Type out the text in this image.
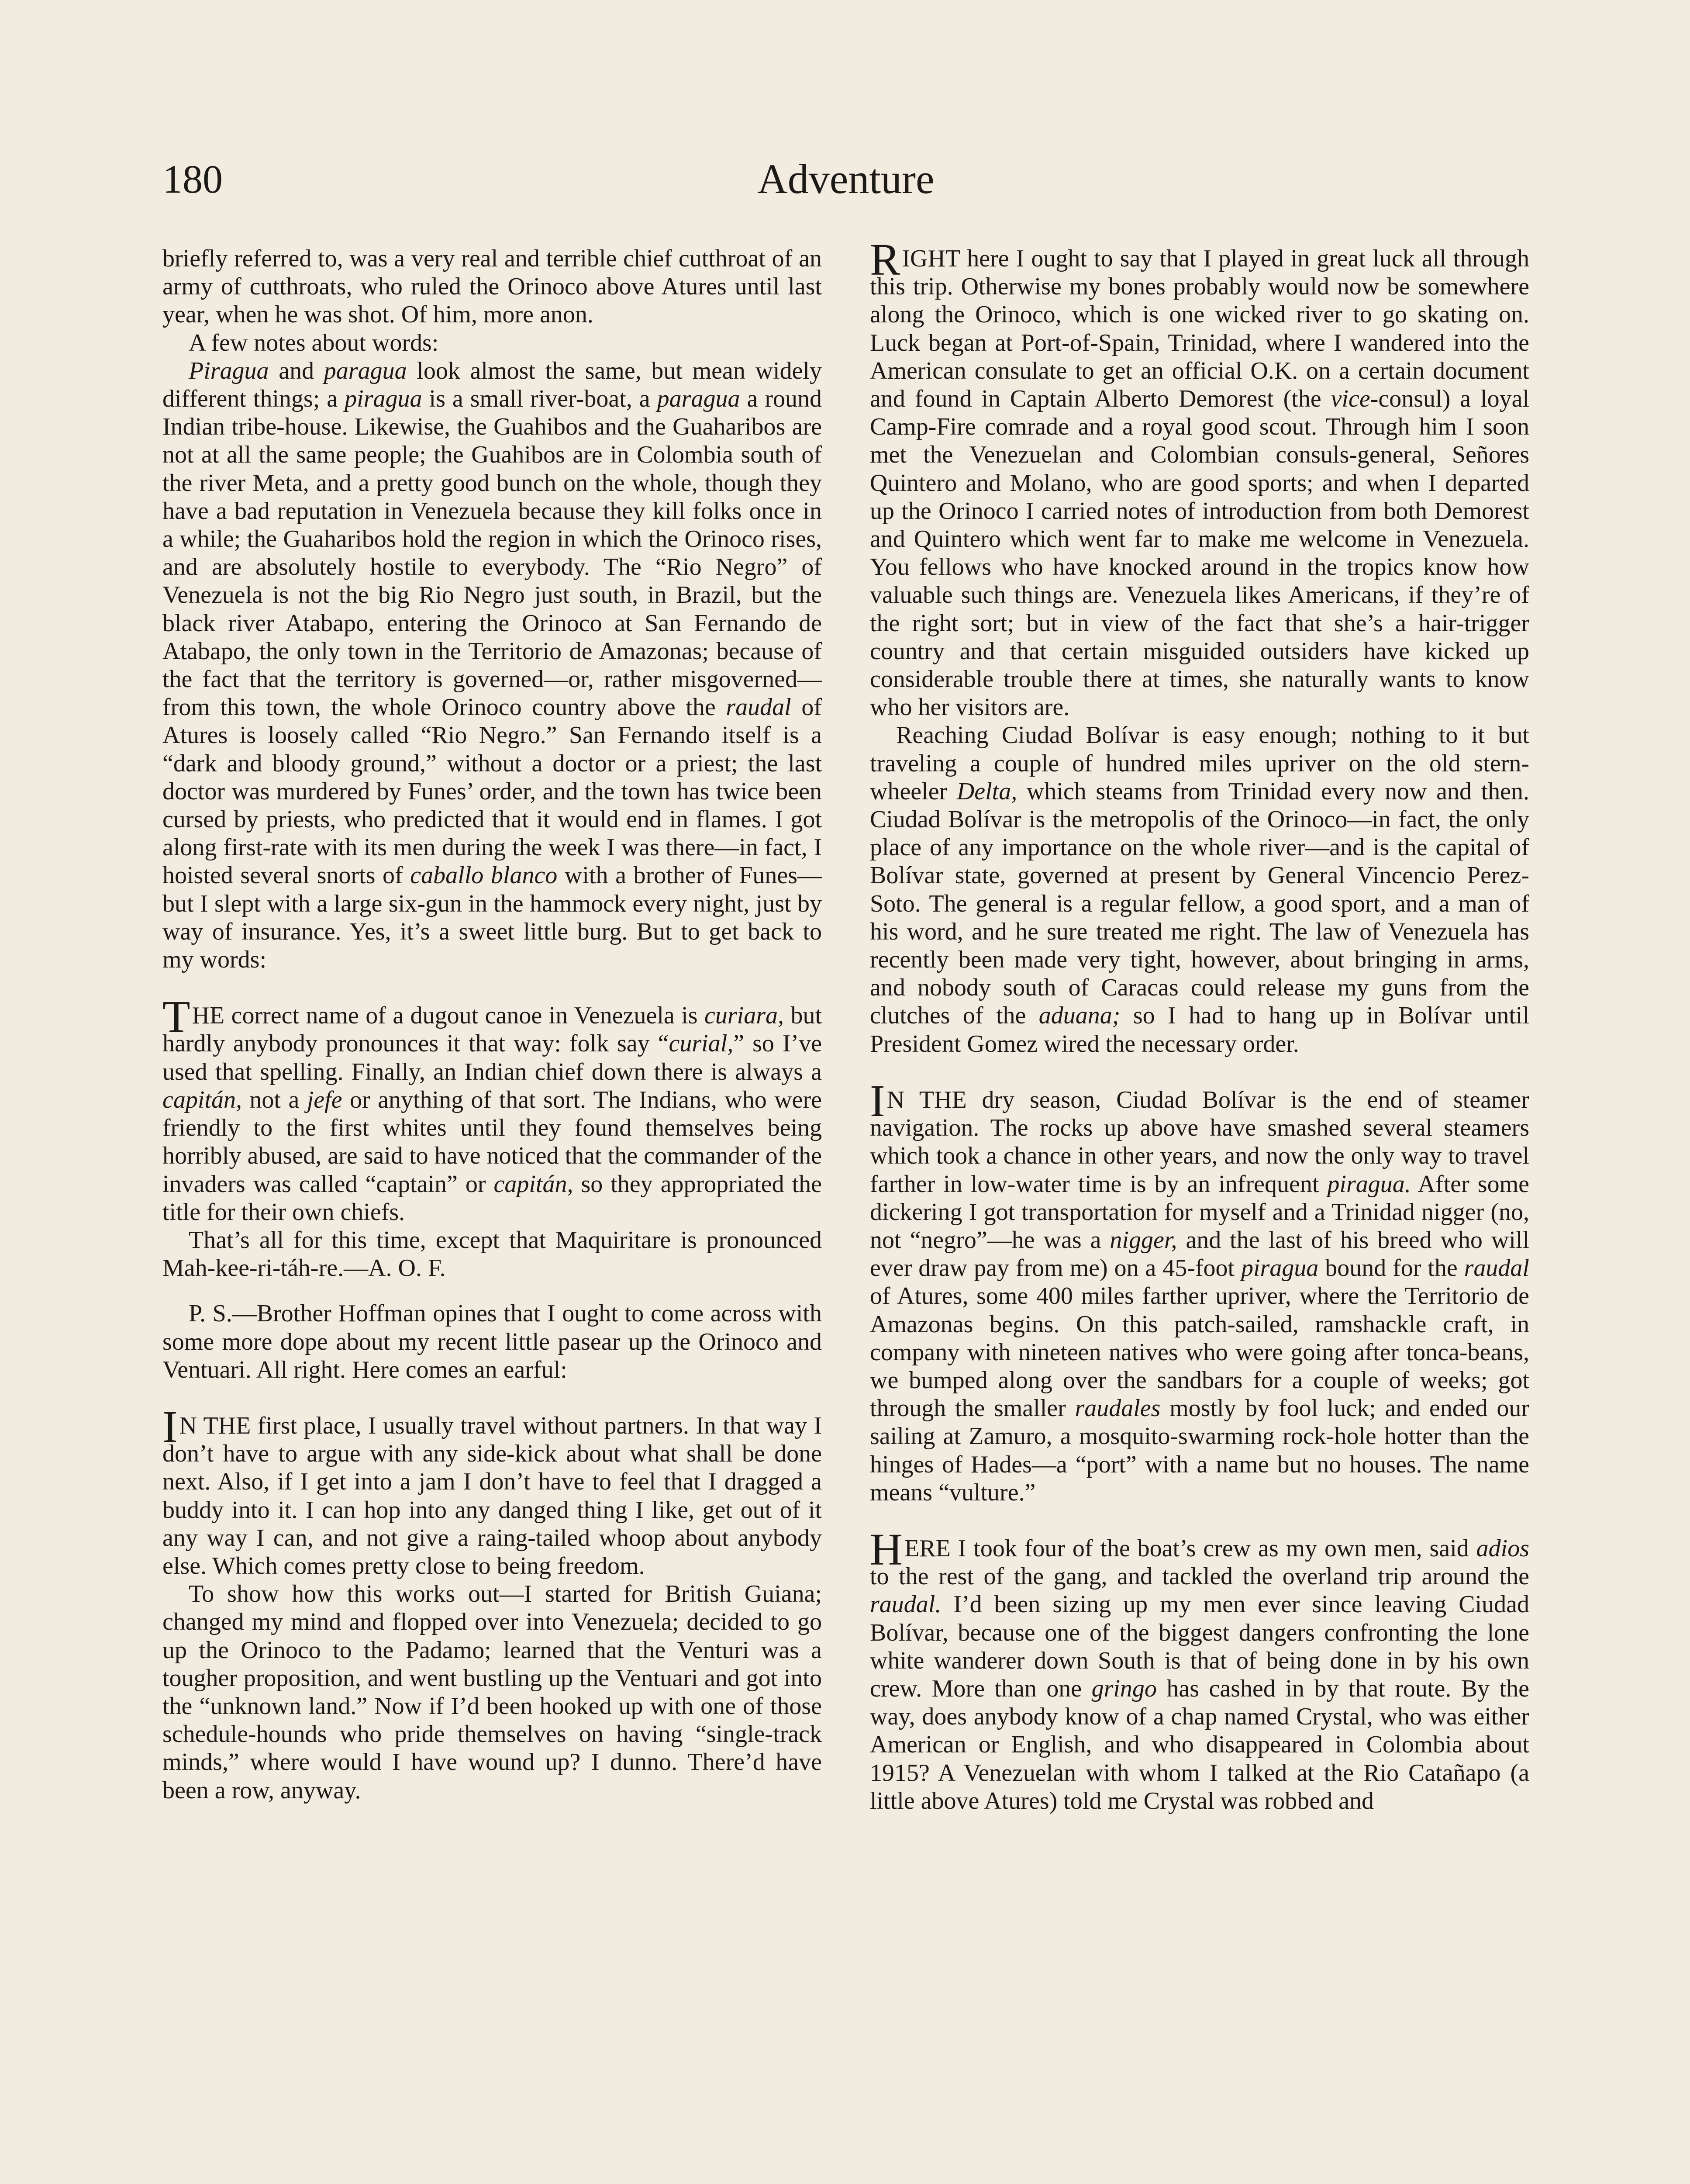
180	Adventure

briefly referred to, was a very real and terrible chief cutthroat of an army of cutthroats, who ruled the Orinoco above Atures until last year, when he was shot. Of him, more anon.

A few notes about words:

Piragua and paragua look almost the same, but mean widely different things; a piragua is a small river-boat, a paragua a round Indian tribe-house. Likewise, the Guahibos and the Guaharibos are not at all the same people; the Guahibos are in Colombia south of the river Meta, and a pretty good bunch on the whole, though they have a bad reputation in Venezuela because they kill folks once in a while; the Guaharibos hold the region in which the Orinoco rises, and are absolutely hostile to everybody. The “Rio Negro” of Venezuela is not the big Rio Negro just south, in Brazil, but the black river Atabapo, entering the Orinoco at San Fernando de Atabapo, the only town in the Territorio de Amazonas; because of the fact that the territory is governed—or, rather misgoverned—from this town, the whole Orinoco country above the raudal of Atures is loosely called “Rio Negro.” San Fernando itself is a “dark and bloody ground,” without a doctor or a priest; the last doctor was murdered by Funes’ order, and the town has twice been cursed by priests, who predicted that it would end in flames. I got along first-rate with its men during the week I was there—in fact, I hoisted several snorts of caballo blanco with a brother of Funes—but I slept with a large six-gun in the hammock every night, just by way of insurance. Yes, it’s a sweet little burg. But to get back to my words:

THE correct name of a dugout canoe in Venezuela is curiara, but hardly anybody pronounces it that way: folk say “curial,” so I’ve used that spelling. Finally, an Indian chief down there is always a capitán, not a jefe or anything of that sort. The Indians, who were friendly to the first whites until they found themselves being horribly abused, are said to have noticed that the commander of the invaders was called “captain” or capitán, so they appropriated the title for their own chiefs.

That’s all for this time, except that Maquiritare is pronounced Mah-kee-ri-táh-re.—A. O. F.

P. S.—Brother Hoffman opines that I ought to come across with some more dope about my recent little pasear up the Orinoco and Ventuari. All right. Here comes an earful:

I N THE first place, I usually travel without partners. In that way I don’t have to argue with any side-kick about what shall be done next. Also, if I get into a jam I don’t have to feel that I dragged a buddy into it. I can hop into any danged thing I like, get out of it any way I can, and not give a raing-tailed whoop about anybody else. Which comes pretty close to being freedom.

To show how this works out—I started for British Guiana; changed my mind and flopped over into Venezuela; decided to go up the Orinoco to the Padamo; learned that the Venturi was a tougher proposition, and went bustling up the Ventuari and got into the “unknown land.” Now if I’d been hooked up with one of those schedule-hounds who pride themselves on having “single-track minds,” where would I have wound up? I dunno. There’d have been a row, anyway.

RIGHT here I ought to say that I played in great luck all through this trip. Otherwise my bones probably would now be somewhere along the Orinoco, which is one wicked river to go skating on. Luck began at Port-of-Spain, Trinidad, where I wandered into the American consulate to get an official O.K. on a certain document and found in Captain Alberto Demorest (the vice-consul) a loyal Camp-Fire comrade and a royal good scout. Through him I soon met the Venezuelan and Colombian consuls-general, Señores Quintero and Molano, who are good sports; and when I departed up the Orinoco I carried notes of introduction from both Demorest and Quintero which went far to make me welcome in Venezuela. You fellows who have knocked around in the tropics know how valuable such things are. Venezuela likes Americans, if they’re of the right sort; but in view of the fact that she’s a hair-trigger country and that certain misguided outsiders have kicked up considerable trouble there at times, she naturally wants to know who her visitors are.

Reaching Ciudad Bolívar is easy enough; nothing to it but traveling a couple of hundred miles upriver on the old stern-wheeler Delta, which steams from Trinidad every now and then. Ciudad Bolívar is the metropolis of the Orinoco—in fact, the only place of any importance on the whole river—and is the capital of Bolívar state, governed at present by General Vincencio Perez-Soto. The general is a regular fellow, a good sport, and a man of his word, and he sure treated me right. The law of Venezuela has recently been made very tight, however, about bringing in arms, and nobody south of Caracas could release my guns from the clutches of the aduana; so I had to hang up in Bolívar until President Gomez wired the necessary order.

I N THE dry season, Ciudad Bolívar is the end of steamer navigation. The rocks up above have smashed several steamers which took a chance in other years, and now the only way to travel farther in low-water time is by an infrequent piragua. After some dickering I got transportation for myself and a Trinidad nigger (no, not “negro”—he was a nigger, and the last of his breed who will ever draw pay from me) on a 45-foot piragua bound for the raudal of Atures, some 400 miles farther upriver, where the Territorio de Amazonas begins. On this patch-sailed, ramshackle craft, in company with nineteen natives who were going after tonca-beans, we bumped along over the sandbars for a couple of weeks; got through the smaller raudales mostly by fool luck; and ended our sailing at Zamuro, a mosquito-swarming rock-hole hotter than the hinges of Hades—a “port” with a name but no houses. The name means “vulture.”

HERE I took four of the boat’s crew as my own men, said adios to the rest of the gang, and tackled the overland trip around the raudal. I’d been sizing up my men ever since leaving Ciudad Bolívar, because one of the biggest dangers confronting the lone white wanderer down South is that of being done in by his own crew. More than one gringo has cashed in by that route. By the way, does anybody know of a chap named Crystal, who was either American or English, and who disappeared in Colombia about 1915? A Venezuelan with whom I talked at the Rio Catañapo (a little above Atures) told me Crystal was robbed and
